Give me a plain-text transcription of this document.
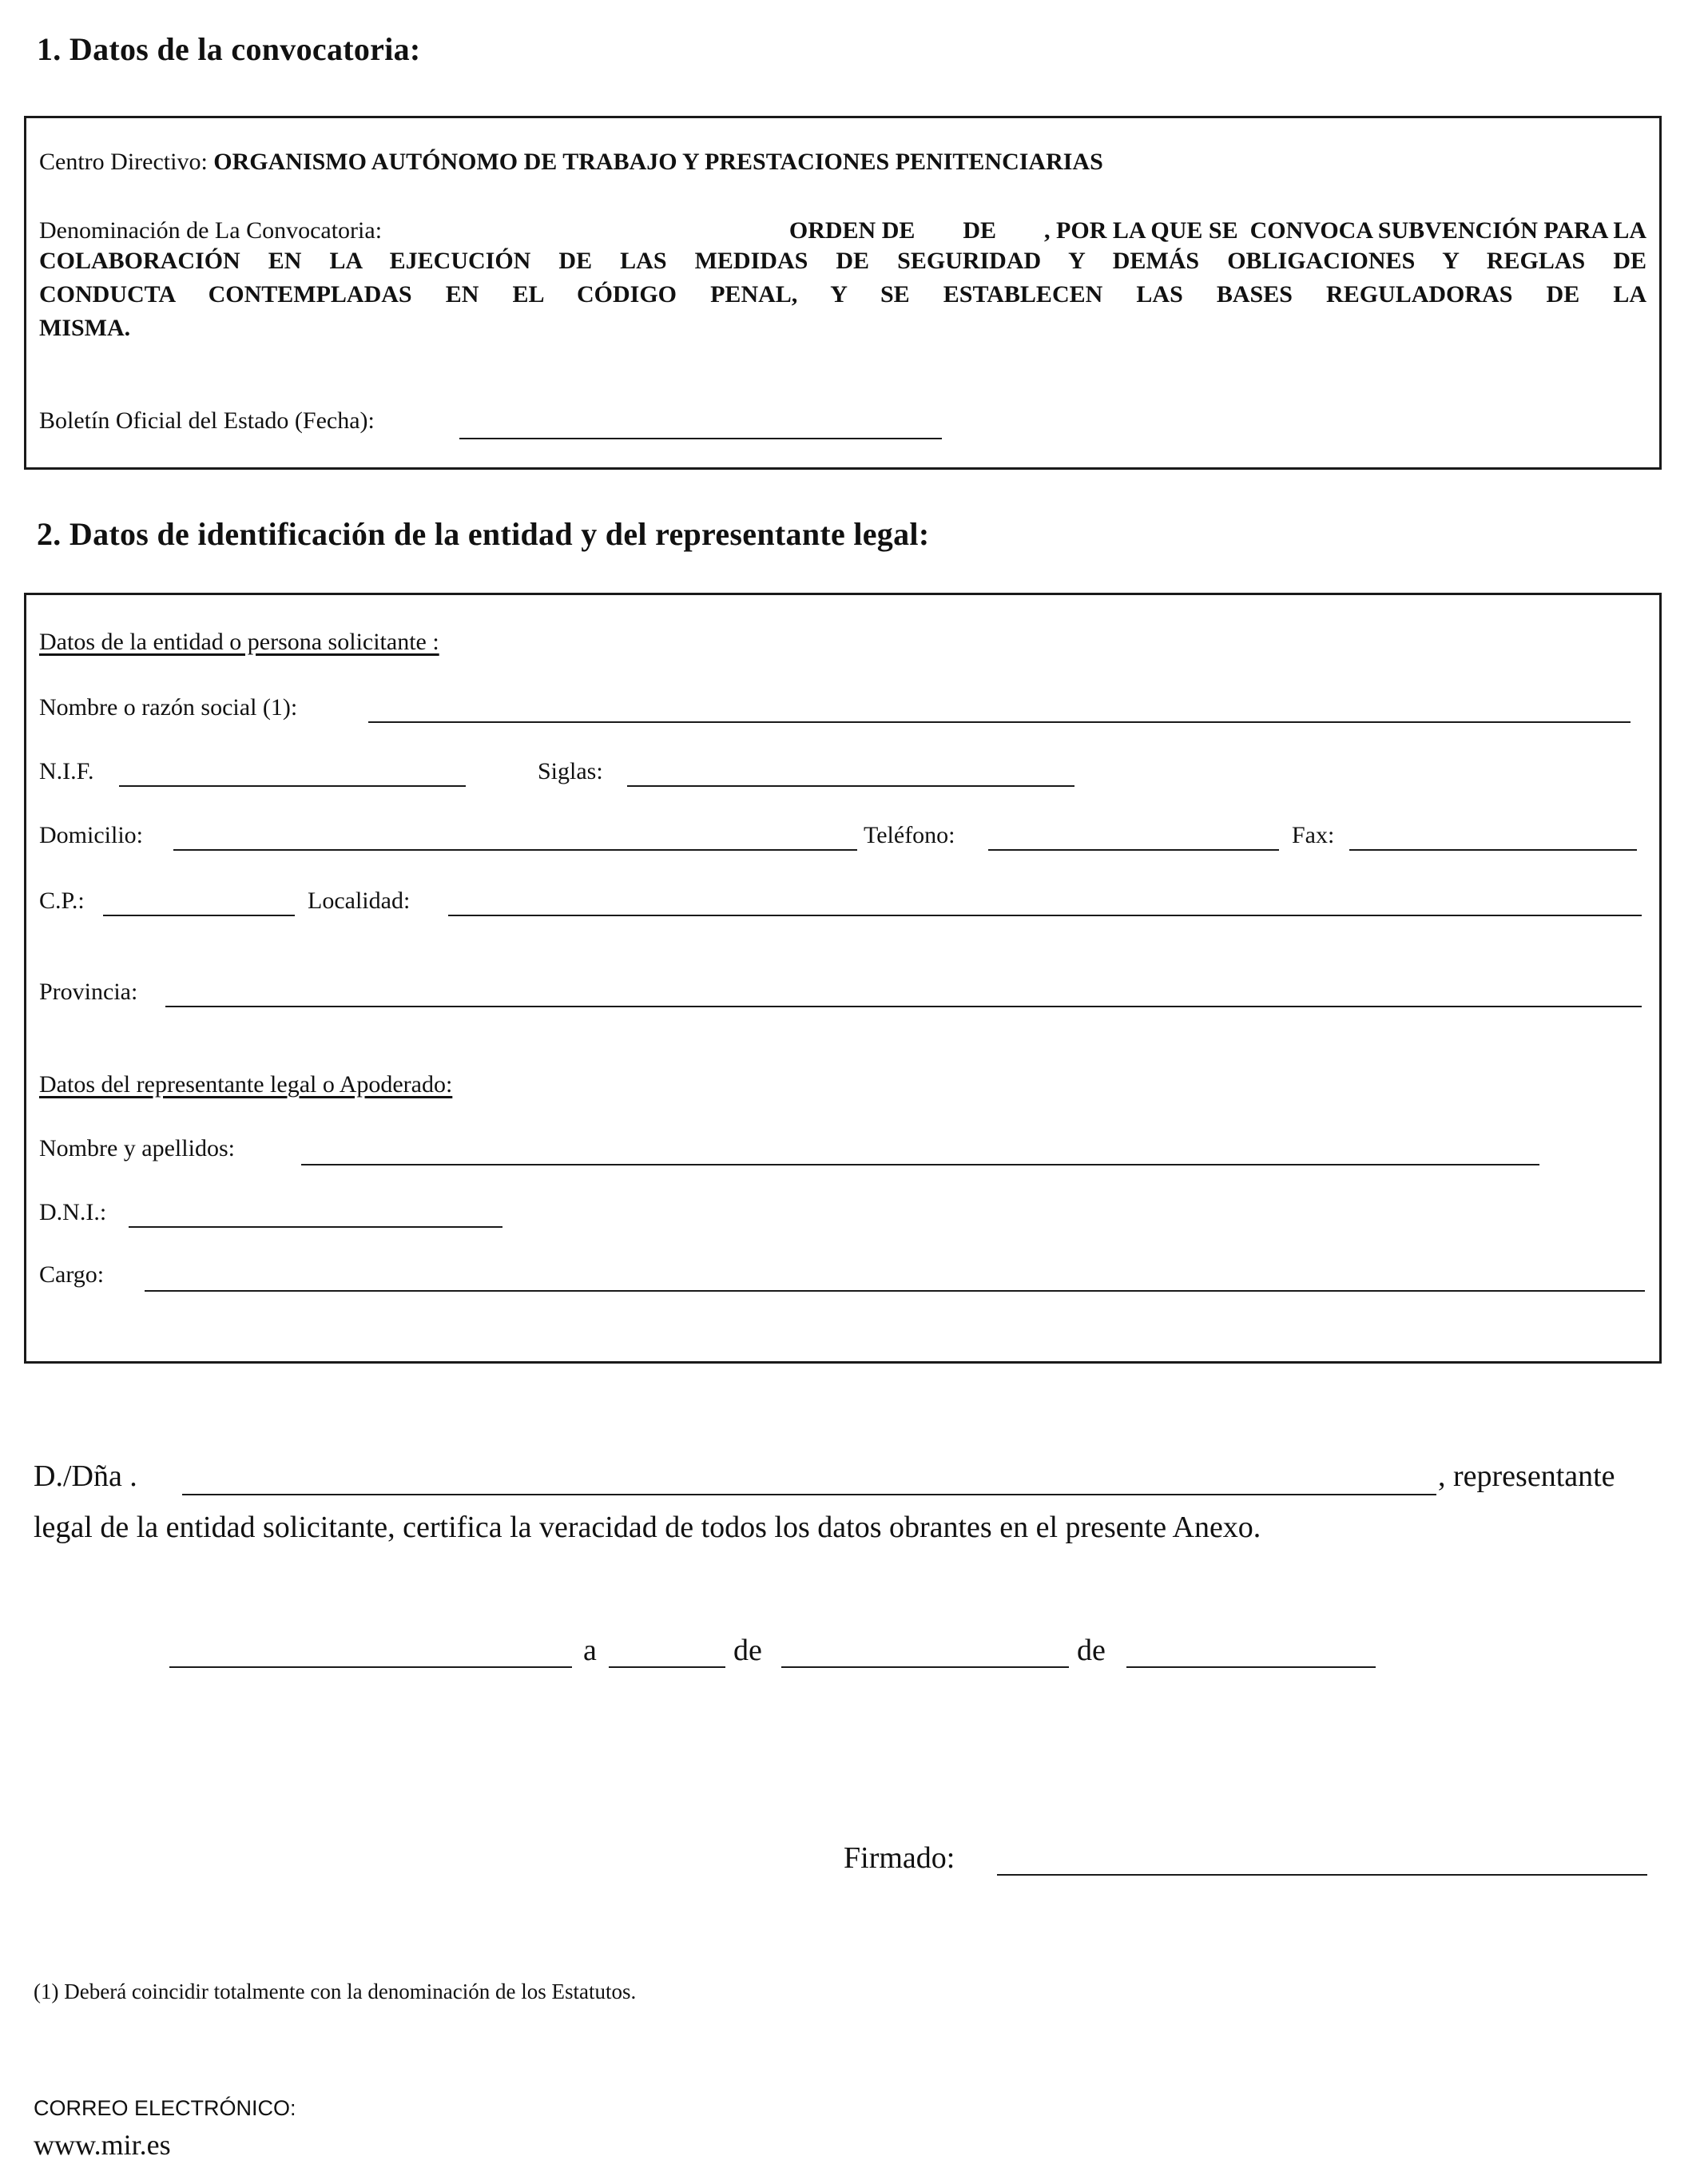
1. Datos de la convocatoria:
Centro Directivo: ORGANISMO AUTÓNOMO DE TRABAJO Y PRESTACIONES PENITENCIARIAS
Denominación de La Convocatoria:	ORDEN DE        DE        , POR LA QUE SE  CONVOCA SUBVENCIÓN PARA LA
COLABORACIÓN EN LA EJECUCIÓN DE LAS MEDIDAS DE SEGURIDAD Y DEMÁS OBLIGACIONES Y REGLAS DE
CONDUCTA CONTEMPLADAS EN EL CÓDIGO PENAL, Y SE ESTABLECEN LAS BASES REGULADORAS DE LA
MISMA.
Boletín Oficial del Estado (Fecha):
2. Datos de identificación de la entidad y del representante legal:
Datos de la entidad o persona solicitante :
Nombre o razón social (1):
N.I.F.	Siglas:
Domicilio:	Teléfono:	Fax:
C.P.:	Localidad:
Provincia:
Datos del representante legal o Apoderado:
Nombre y apellidos:
D.N.I.:
Cargo:
D./Dña .	, representante
legal de la entidad solicitante, certifica la veracidad de todos los datos obrantes en el presente Anexo.
a	de	de
Firmado:
(1) Deberá coincidir totalmente con la denominación de los Estatutos.
CORREO ELECTRÓNICO:
www.mir.es
